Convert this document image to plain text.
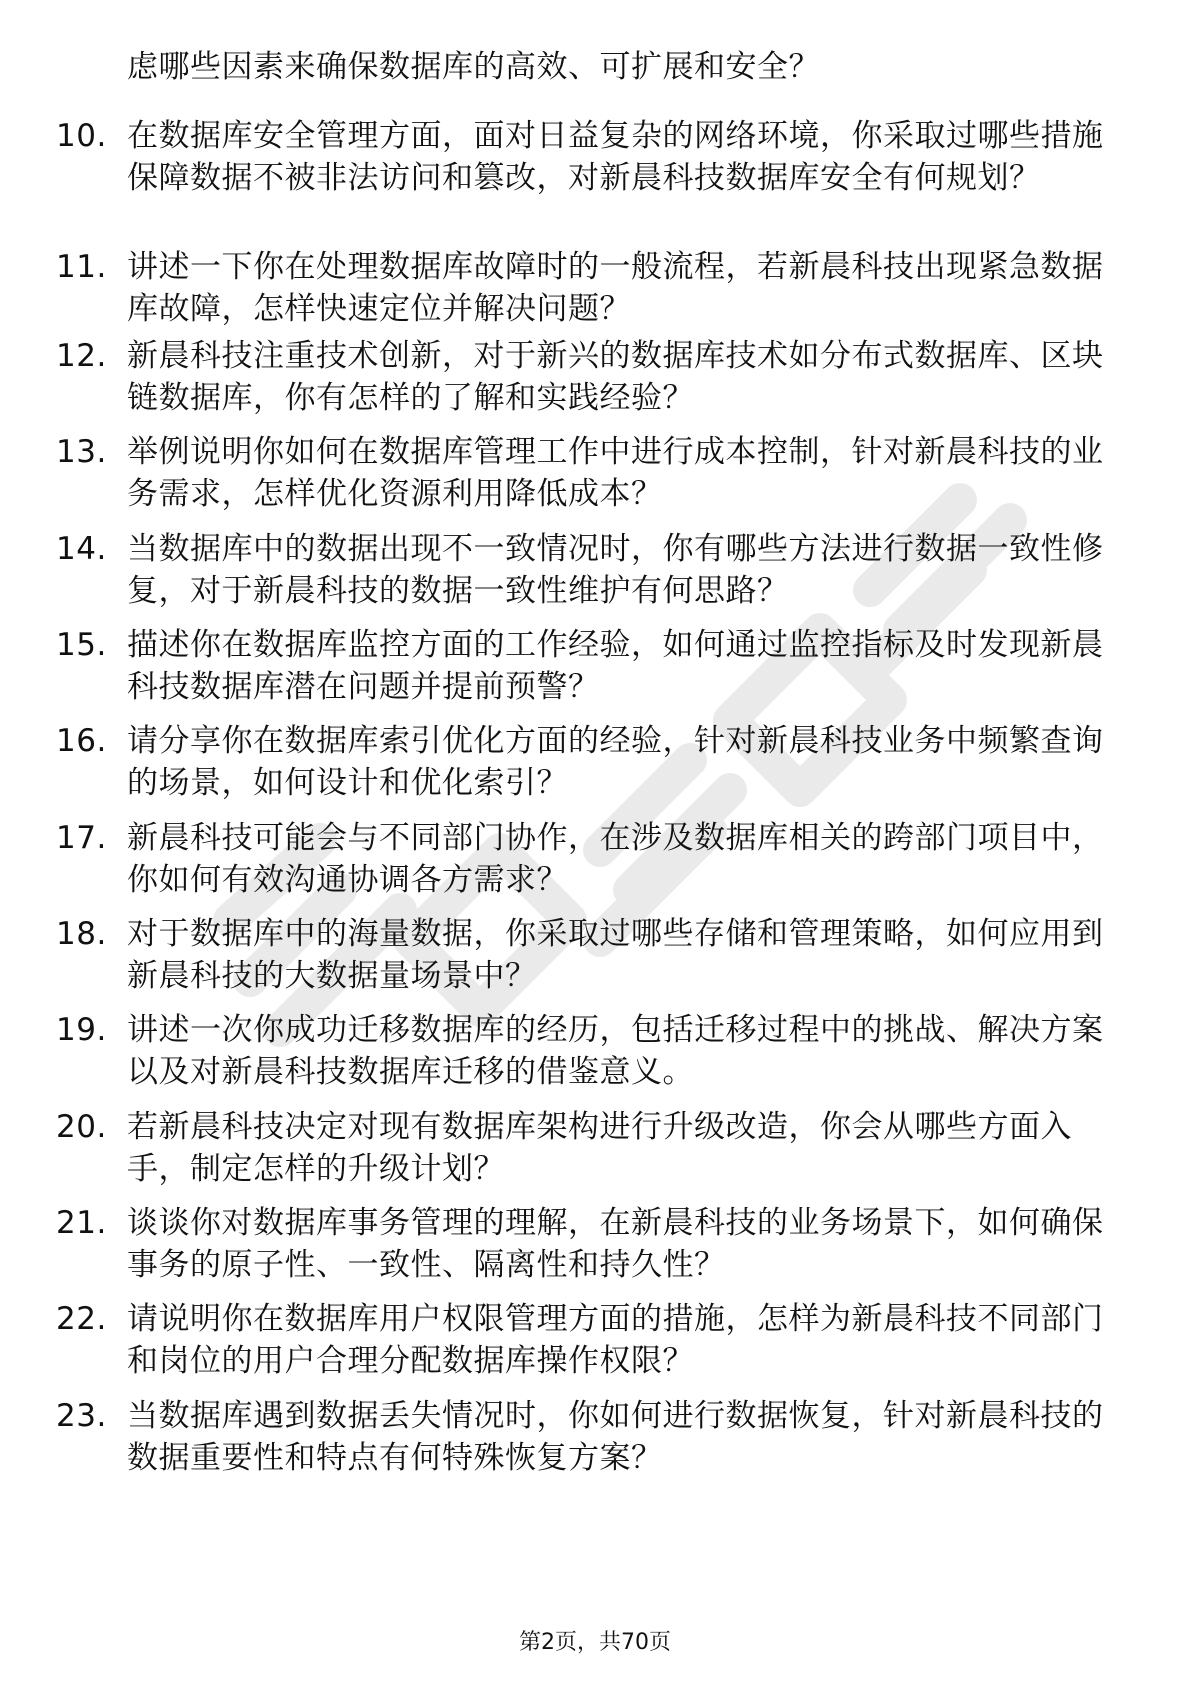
虑哪些因素来确保数据库的高效、可扩展和安全？
10. 在数据库安全管理方面，面对日益复杂的网络环境，你采取过哪些措施保障数据不被非法访问和篡改，对新晨科技数据库安全有何规划？
11. 讲述一下你在处理数据库故障时的一般流程，若新晨科技出现紧急数据库故障，怎样快速定位并解决问题？
12. 新晨科技注重技术创新，对于新兴的数据库技术如分布式数据库、区块链数据库，你有怎样的了解和实践经验？
13. 举例说明你如何在数据库管理工作中进行成本控制，针对新晨科技的业务需求，怎样优化资源利用降低成本？
14. 当数据库中的数据出现不一致情况时，你有哪些方法进行数据一致性修复，对于新晨科技的数据一致性维护有何思路？
15. 描述你在数据库监控方面的工作经验，如何通过监控指标及时发现新晨科技数据库潜在问题并提前预警？
16. 请分享你在数据库索引优化方面的经验，针对新晨科技业务中频繁查询的场景，如何设计和优化索引？
17. 新晨科技可能会与不同部门协作，在涉及数据库相关的跨部门项目中，你如何有效沟通协调各方需求？
18. 对于数据库中的海量数据，你采取过哪些存储和管理策略，如何应用到新晨科技的大数据量场景中？
19. 讲述一次你成功迁移数据库的经历，包括迁移过程中的挑战、解决方案以及对新晨科技数据库迁移的借鉴意义。
20. 若新晨科技决定对现有数据库架构进行升级改造，你会从哪些方面入手，制定怎样的升级计划？
21. 谈谈你对数据库事务管理的理解，在新晨科技的业务场景下，如何确保事务的原子性、一致性、隔离性和持久性？
22. 请说明你在数据库用户权限管理方面的措施，怎样为新晨科技不同部门和岗位的用户合理分配数据库操作权限？
23. 当数据库遇到数据丢失情况时，你如何进行数据恢复，针对新晨科技的数据重要性和特点有何特殊恢复方案？
第2页，共70页
